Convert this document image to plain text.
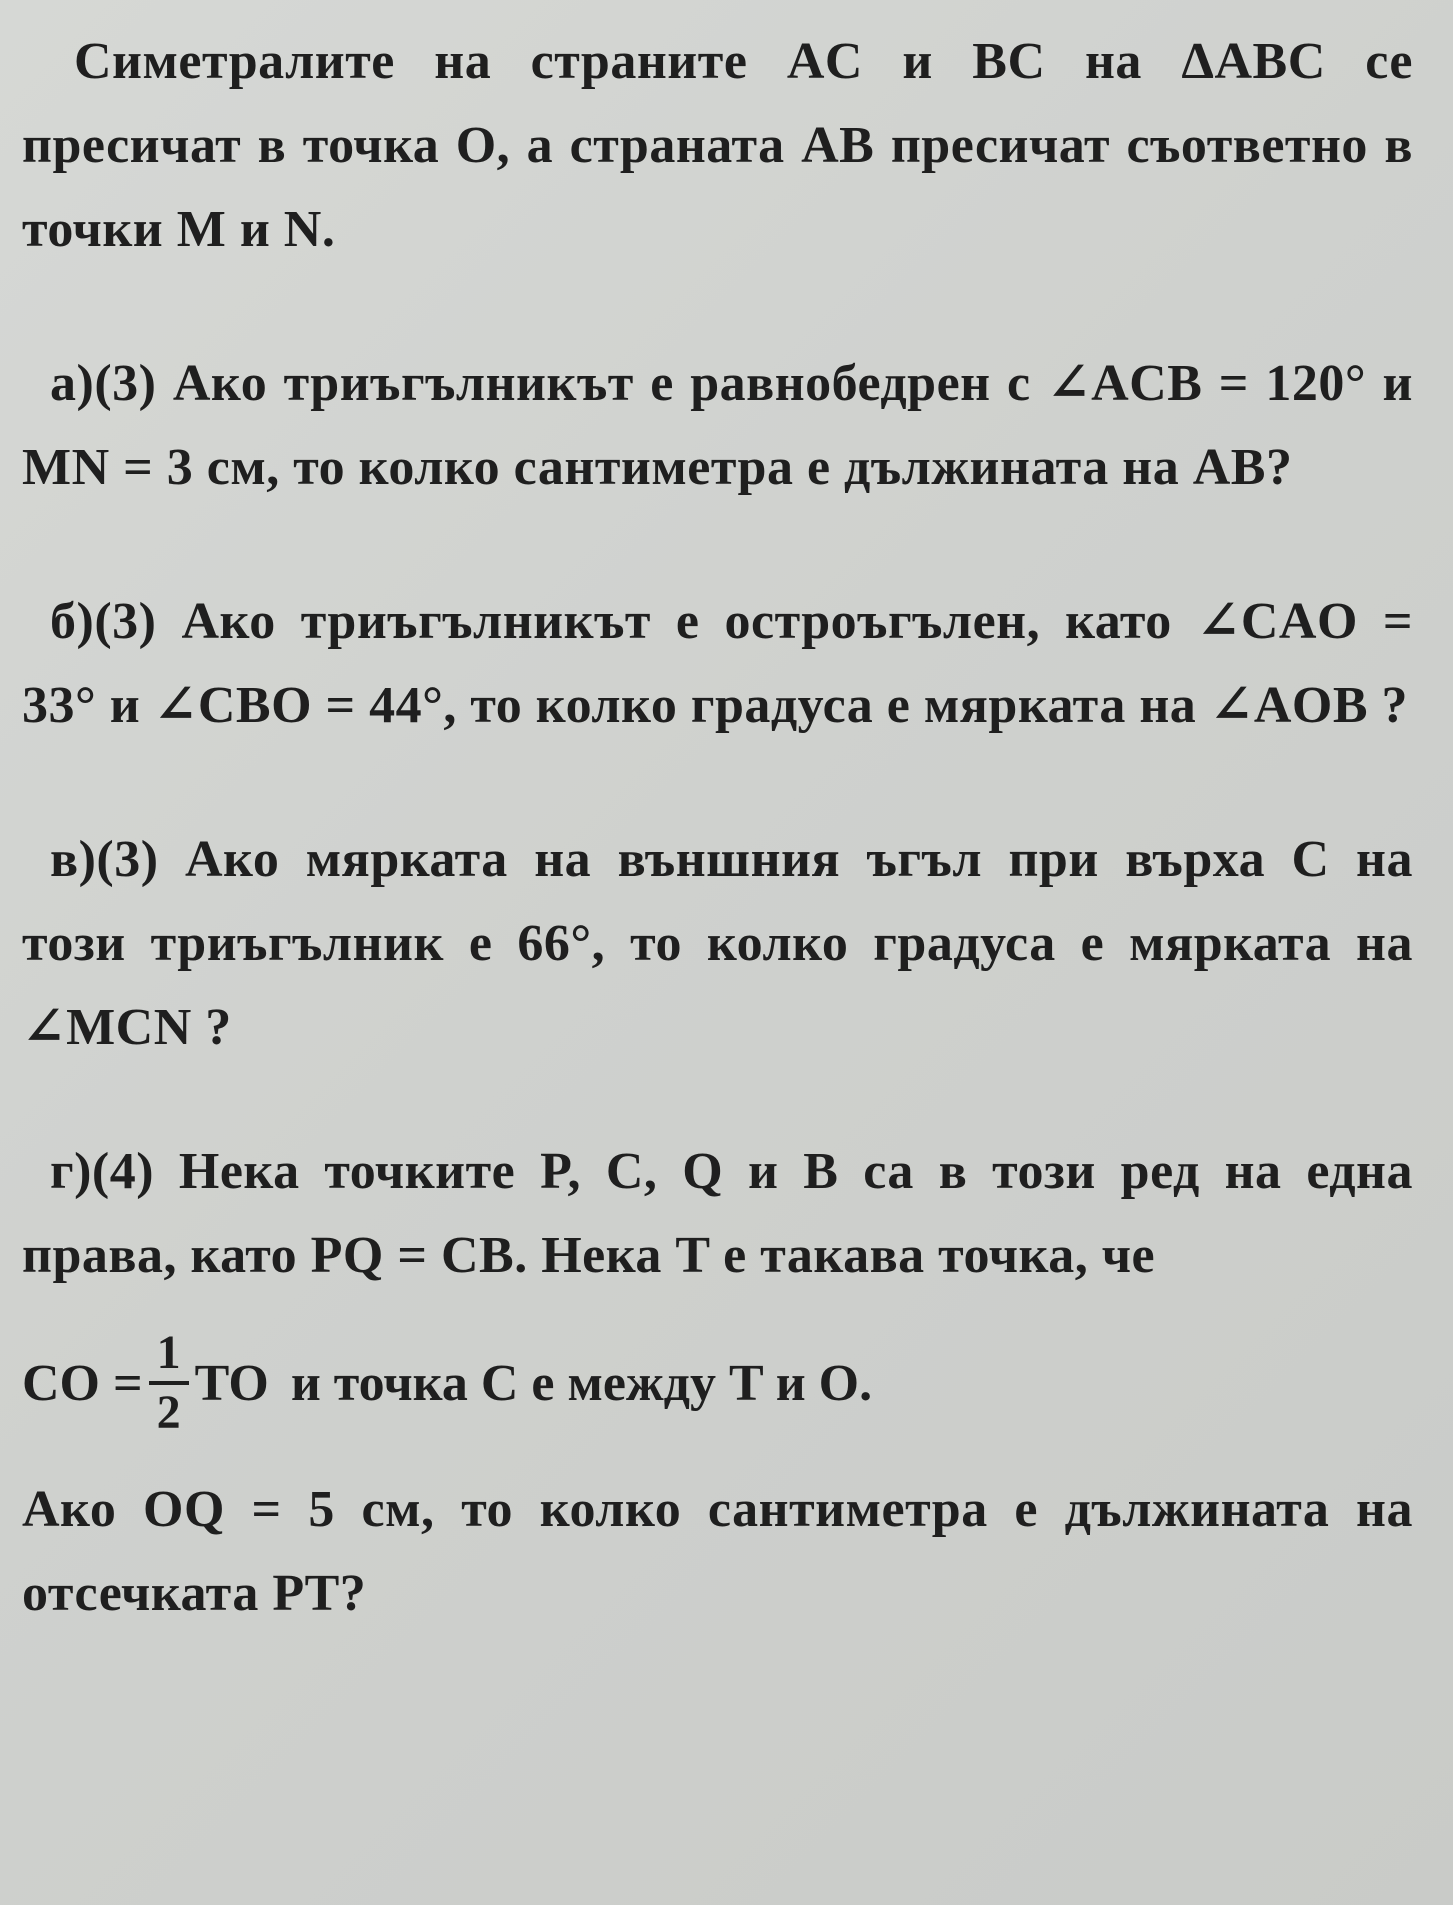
Симетралите на страните AC и BC на ΔABC се пресичат в точка O, а страната AB пресичат съответно в точки M и N.

а)(3) Ако триъгълникът е равнобедрен с ∠ACB = 120° и MN = 3 см, то колко сантиметра е дължината на AB?

б)(3) Ако триъгълникът е остроъгълен, като ∠CAO = 33° и ∠CBO = 44°, то колко градуса е мярката на ∠AOB ?

в)(3) Ако мярката на външния ъгъл при върха C на този триъгълник е 66°, то колко градуса е мярката на ∠MCN ?

г)(4) Нека точките P, C, Q и B са в този ред на една права, като PQ = CB. Нека T е такава точка, че

CO = $\frac{1}{2}$ TO и точка C е между T и O.

Ако OQ = 5 см, то колко сантиметра е дължината на отсечката PT?
